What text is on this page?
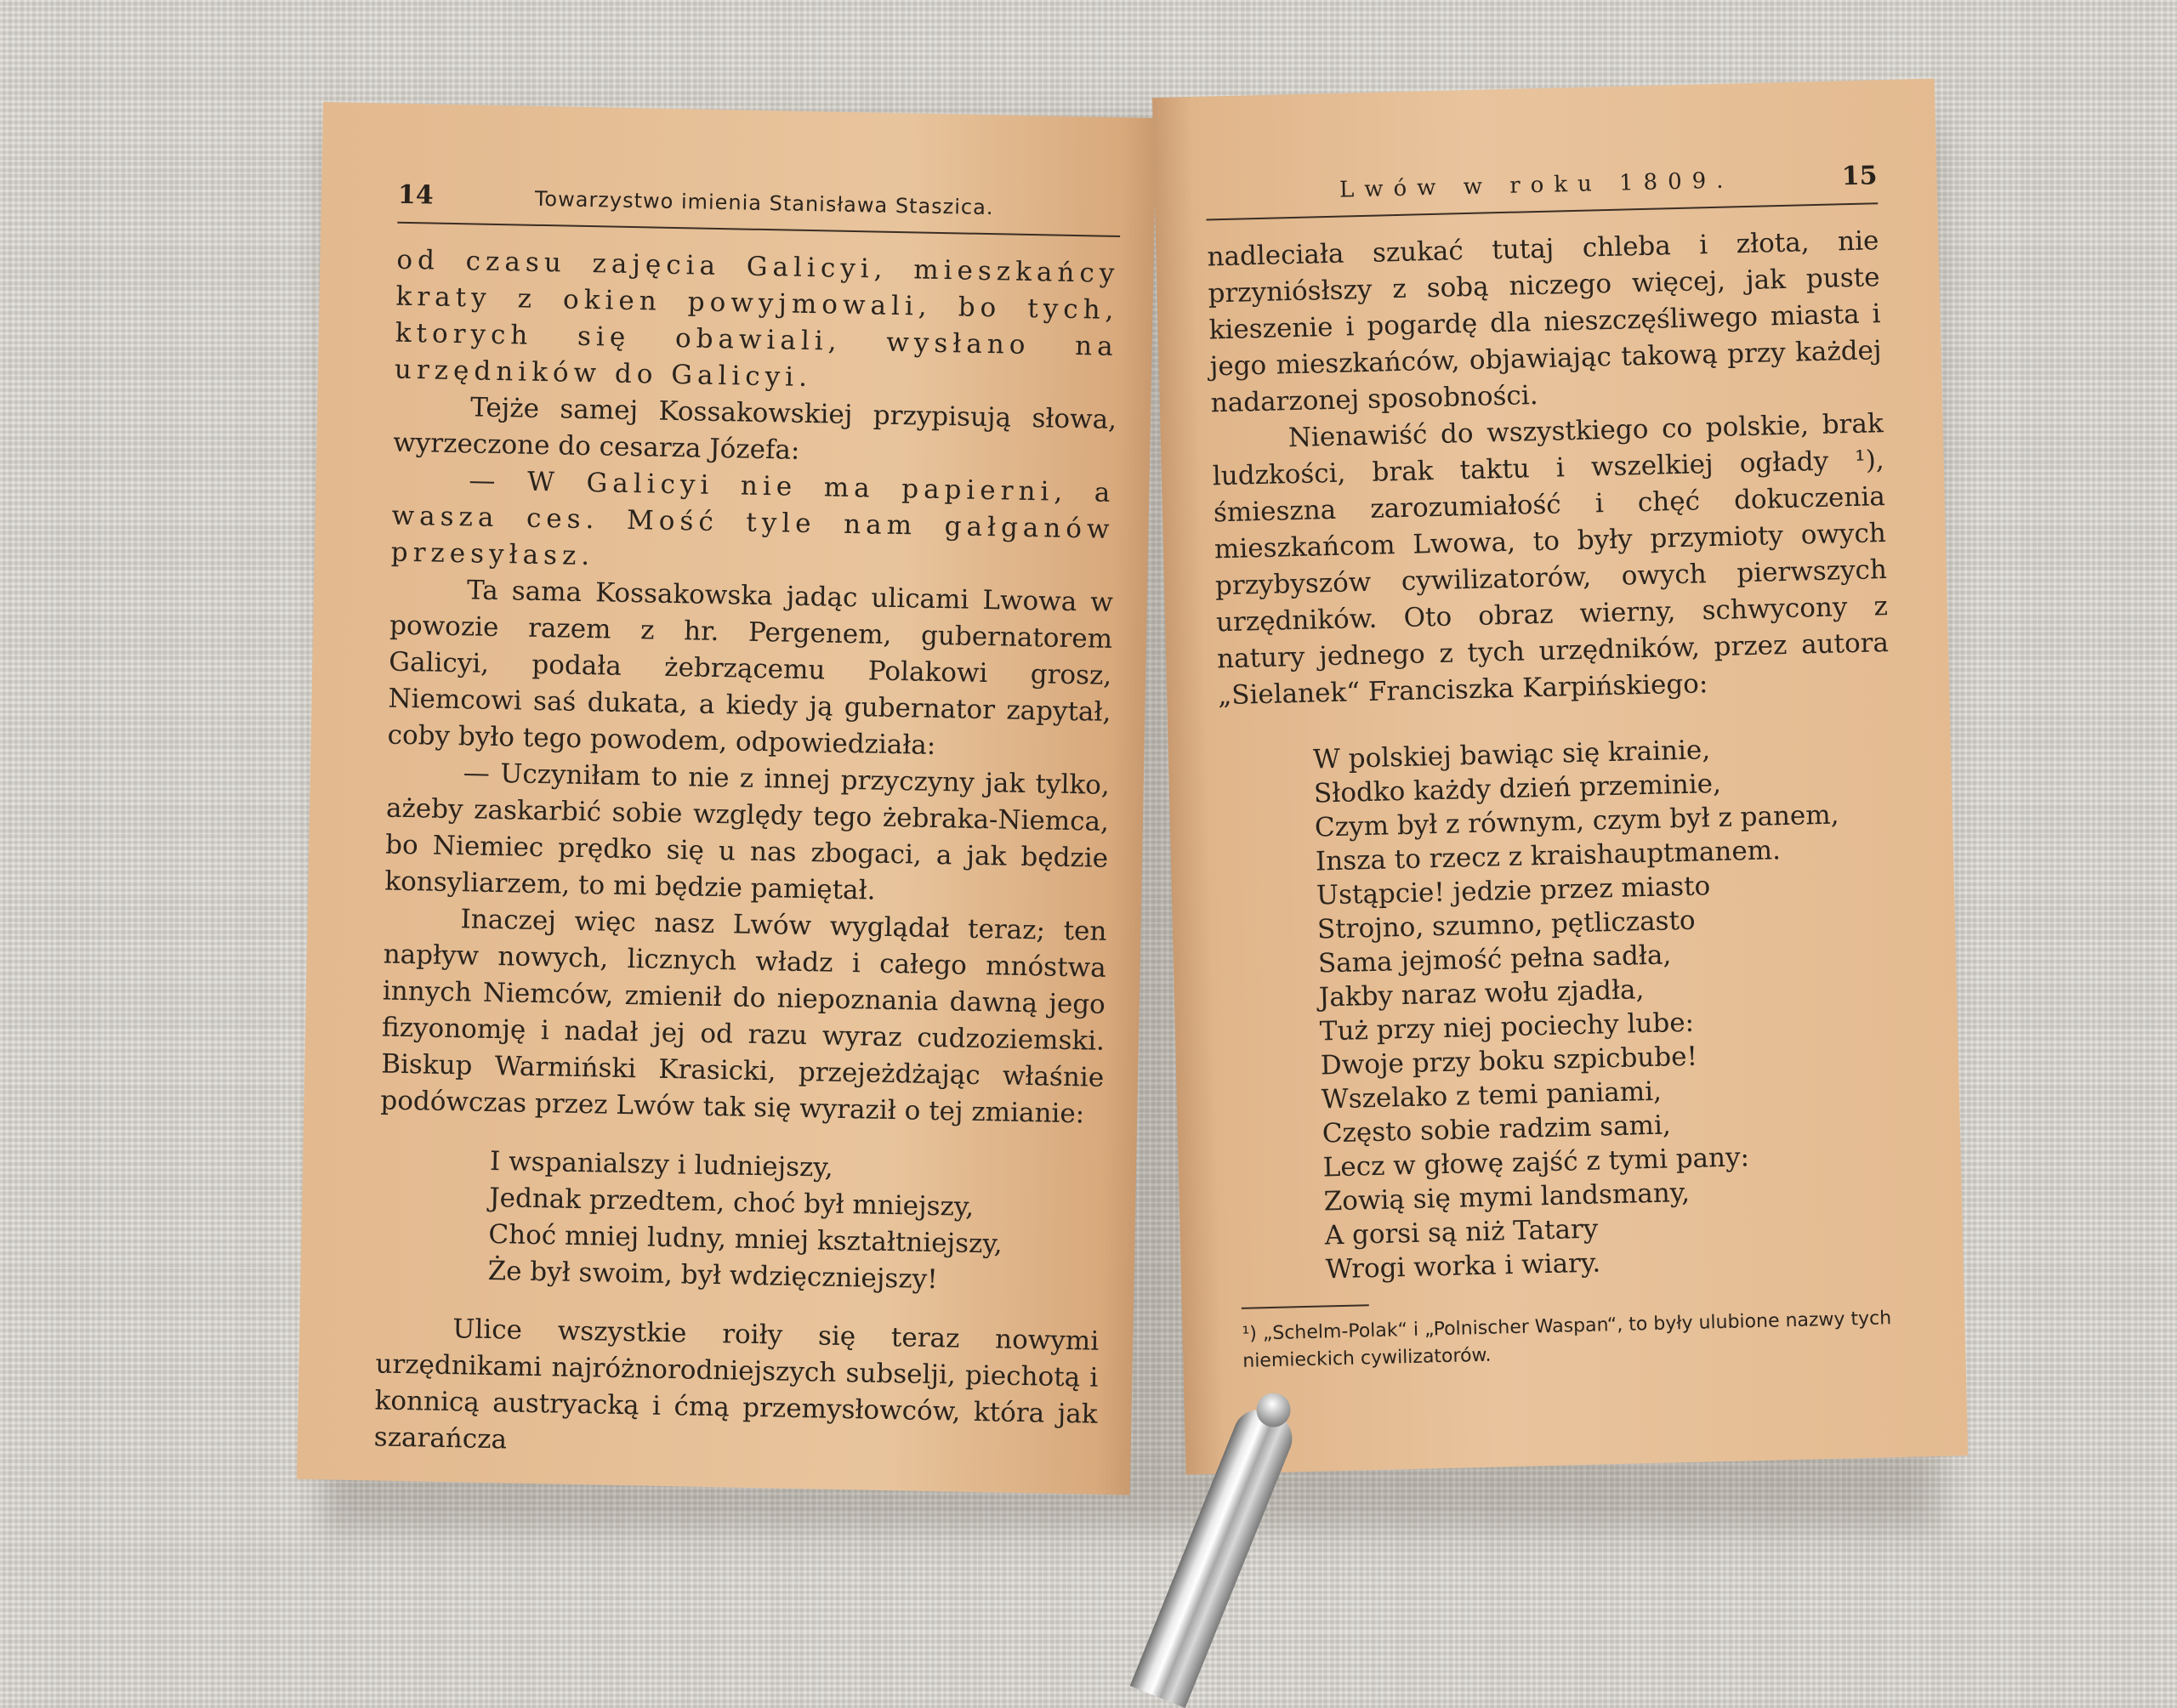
14	Towarzystwo imienia Stanisława Staszica.

od czasu zajęcia Galicyi, mieszkańcy kraty z okien powyjmowali, bo tych, ktorych się obawiali, wysłano na urzędników do Galicyi.

Tejże samej Kossakowskiej przypisują słowa, wyrzeczone do cesarza Józefa:

— W Galicyi nie ma papierni, a wasza ces. Mość tyle nam gałganów przesyłasz.

Ta sama Kossakowska jadąc ulicami Lwowa w powozie razem z hr. Pergenem, gubernatorem Galicyi, podała żebrzącemu Polakowi grosz, Niemcowi saś dukata, a kiedy ją gubernator zapytał, coby było tego powodem, odpowiedziała:

— Uczyniłam to nie z innej przyczyny jak tylko, ażeby zaskarbić sobie względy tego żebraka-Niemca, bo Niemiec prędko się u nas zbogaci, a jak będzie konsyliarzem, to mi będzie pamiętał.

Inaczej więc nasz Lwów wyglądał teraz; ten napływ nowych, licznych władz i całego mnóstwa innych Niemców, zmienił do niepoznania dawną jego fizyonomję i nadał jej od razu wyraz cudzoziemski. Biskup Warmiński Krasicki, przejeżdżając właśnie podówczas przez Lwów tak się wyraził o tej zmianie:

I wspanialszy i ludniejszy,
Jednak przedtem, choć był mniejszy,
Choć mniej ludny, mniej kształtniejszy,
Że był swoim, był wdzięczniejszy!

Ulice wszystkie roiły się teraz nowymi urzędnikami najróżnorodniejszych subselji, piechotą i konnicą austryacką i ćmą przemysłowców, która jak szarańcza

Lwów w roku 1809.	15

nadleciała szukać tutaj chleba i złota, nie przyniósłszy z sobą niczego więcej, jak puste kieszenie i pogardę dla nieszczęśliwego miasta i jego mieszkańców, objawiając takową przy każdej nadarzonej sposobności.

Nienawiść do wszystkiego co polskie, brak ludzkości, brak taktu i wszelkiej ogłady ¹), śmieszna zarozumiałość i chęć dokuczenia mieszkańcom Lwowa, to były przymioty owych przybyszów cywilizatorów, owych pierwszych urzędników. Oto obraz wierny, schwycony z natury jednego z tych urzędników, przez autora „Sielanek“ Franciszka Karpińskiego:

W polskiej bawiąc się krainie,
Słodko każdy dzień przeminie,
Czym był z równym, czym był z panem,
Insza to rzecz z kraishauptmanem.
Ustąpcie! jedzie przez miasto
Strojno, szumno, pętliczasto
Sama jejmość pełna sadła,
Jakby naraz wołu zjadła,
Tuż przy niej pociechy lube:
Dwoje przy boku szpicbube!
Wszelako z temi paniami,
Często sobie radzim sami,
Lecz w głowę zajść z tymi pany:
Zowią się mymi landsmany,
A gorsi są niż Tatary
Wrogi worka i wiary.
¹) „Schelm-Polak“ i „Polnischer Waspan“, to były ulubione nazwy tych niemieckich cywilizatorów.
